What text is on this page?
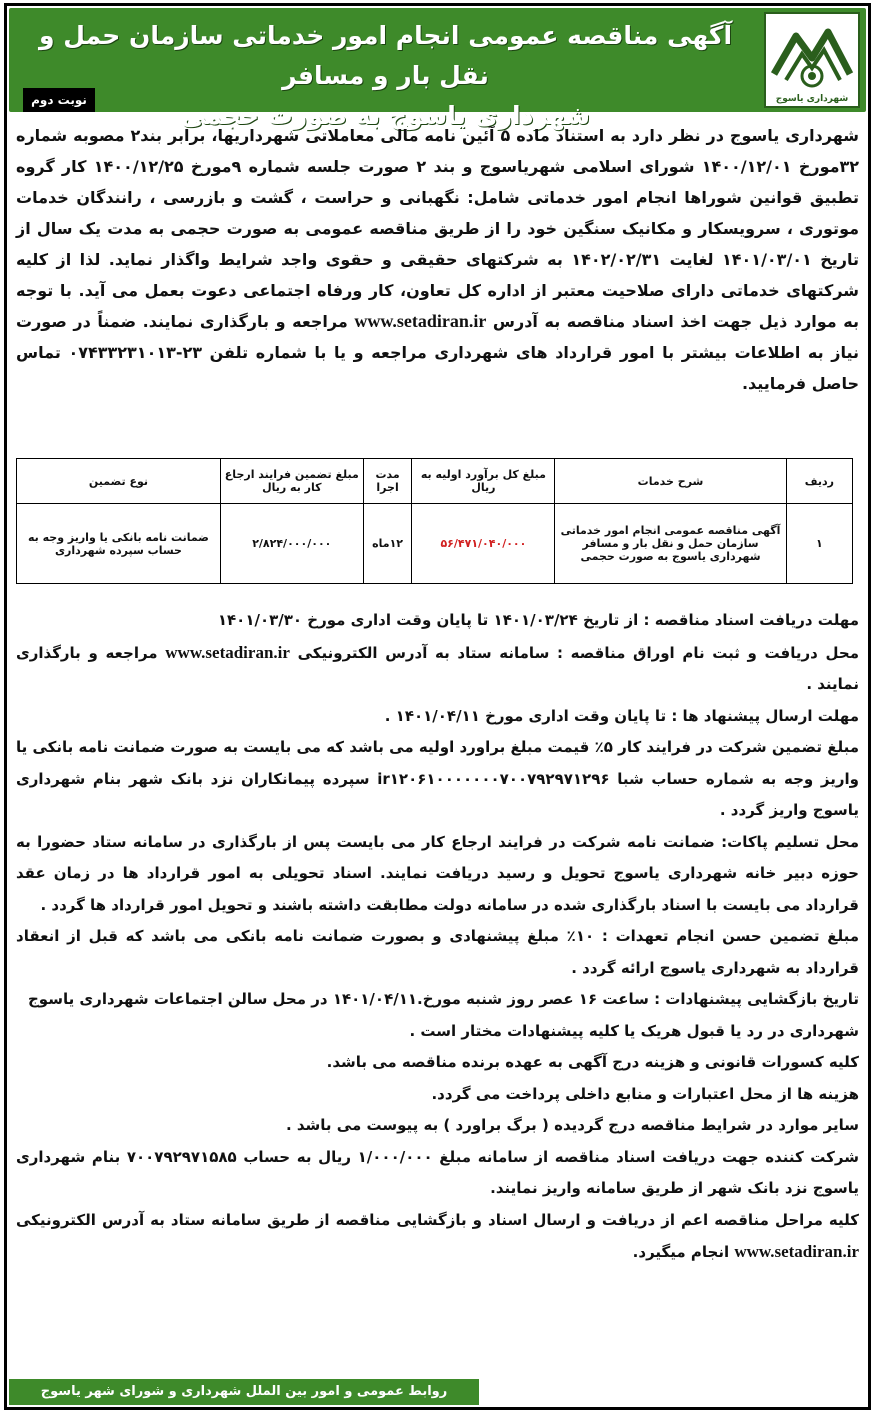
شهرداری یاسوج
آگهی مناقصه عمومی انجام امور خدماتی سازمان حمل و نقل بار و مسافر
شهرداری یاسوج به صورت حجمی
نوبت دوم
شهرداری یاسوج در نظر دارد به استناد ماده ۵ آئین نامه مالی معاملاتی شهرداریها، برابر بند۲ مصوبه شماره ۳۲مورخ ۱۴۰۰/۱۲/۰۱ شورای اسلامی شهریاسوج و بند ۲ صورت جلسه شماره ۹مورخ ۱۴۰۰/۱۲/۲۵ کار گروه تطبیق قوانین شوراها انجام امور خدماتی شامل: نگهبانی و حراست ، گشت و بازرسی ، رانندگان خدمات موتوری ، سرویسکار و مکانیک سنگین خود را از طریق مناقصه عمومی به صورت حجمی به مدت یک سال از تاریخ ۱۴۰۱/۰۳/۰۱ لغایت ۱۴۰۲/۰۲/۳۱ به شرکتهای حقیقی و حقوی واجد شرایط واگذار نماید. لذا از کلیه شرکتهای خدماتی دارای صلاحیت معتبر از اداره کل تعاون، کار ورفاه اجتماعی دعوت بعمل می آید. با توجه به موارد ذیل جهت اخذ اسناد مناقصه به آدرس www.setadiran.ir مراجعه و بارگذاری نمایند. ضمناً در صورت نیاز به اطلاعات بیشتر با امور قرارداد های شهرداری مراجعه و یا با شماره تلفن ۲۳-۰۷۴۳۳۲۳۱۰۱۳ تماس حاصل فرمایید.
ردیف	شرح خدمات	مبلغ کل برآورد اولیه به ریال	مدت اجرا	مبلغ تضمین فرایند ارجاع کار به ریال	نوع تضمین
۱	آگهی مناقصه عمومی انجام امور خدماتی سازمان حمل و نقل بار و مسافر شهرداری یاسوج به صورت حجمی	۵۶/۴۷۱/۰۴۰/۰۰۰	۱۲ماه	۲/۸۲۴/۰۰۰/۰۰۰	ضمانت نامه بانکی یا واریز وجه به حساب سپرده شهرداری

مهلت دریافت اسناد مناقصه : از تاریخ ۱۴۰۱/۰۳/۲۴ تا پایان وقت اداری مورخ ۱۴۰۱/۰۳/۳۰

محل دریافت و ثبت نام اوراق مناقصه : سامانه ستاد به آدرس الکترونیکی www.setadiran.ir مراجعه و بارگذاری نمایند .

مهلت ارسال پیشنهاد ها : تا پایان وقت اداری مورخ ۱۴۰۱/۰۴/۱۱ .

مبلغ تضمین شرکت در فرایند کار ۵٪ قیمت مبلغ براورد اولیه می باشد که می بایست به صورت ضمانت نامه بانکی یا واریز وجه به شماره حساب شبا ir۱۲۰۶۱۰۰۰۰۰۰۰۷۰۰۷۹۲۹۷۱۲۹۶ سپرده پیمانکاران نزد بانک شهر بنام شهرداری یاسوج واریز گردد .

محل تسلیم پاکات: ضمانت نامه شرکت در فرایند ارجاع کار می بایست پس از بارگذاری در سامانه ستاد حضورا به حوزه دبیر خانه شهرداری یاسوج تحویل و رسید دریافت نمایند. اسناد تحویلی به امور قرارداد ها در زمان عقد قرارداد می بایست با اسناد بارگذاری شده در سامانه دولت مطابقت داشته باشند و تحویل امور قرارداد ها گردد .

مبلغ تضمین حسن انجام تعهدات : ۱۰٪ مبلغ پیشنهادی و بصورت ضمانت نامه بانکی می باشد که قبل از انعقاد قرارداد به شهرداری یاسوج ارائه گردد .

تاریخ بازگشایی پیشنهادات : ساعت ۱۶ عصر روز شنبه مورخ.۱۴۰۱/۰۴/۱۱ در محل سالن اجتماعات شهرداری یاسوج

شهرداری در رد یا قبول هریک یا کلیه پیشنهادات مختار است .

کلیه کسورات قانونی و هزینه درج آگهی به عهده برنده مناقصه می باشد.

هزینه ها از محل اعتبارات و منابع داخلی پرداخت می گردد.

سایر موارد در شرایط مناقصه درج گردیده ( برگ براورد ) به پیوست می باشد .

شرکت کننده جهت دریافت اسناد مناقصه از سامانه مبلغ ۱/۰۰۰/۰۰۰ ریال به حساب ۷۰۰۷۹۲۹۷۱۵۸۵ بنام شهرداری یاسوج نزد بانک شهر از طریق سامانه واریز نمایند.

کلیه مراحل مناقصه اعم از دریافت و ارسال اسناد و بازگشایی مناقصه از طریق سامانه ستاد به آدرس الکترونیکی www.setadiran.ir انجام میگیرد.

روابط عمومی و امور بین الملل شهرداری و شورای شهر یاسوج
